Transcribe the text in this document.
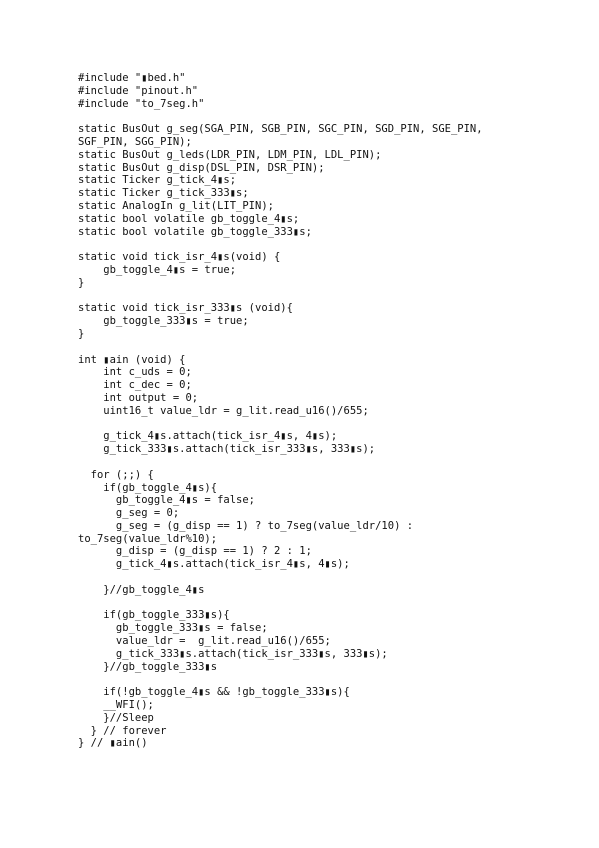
#include "▮bed.h"
#include "pinout.h"
#include "to_7seg.h"
static BusOut g_seg(SGA_PIN, SGB_PIN, SGC_PIN, SGD_PIN, SGE_PIN,
SGF_PIN, SGG_PIN);
static BusOut g_leds(LDR_PIN, LDM_PIN, LDL_PIN);
static BusOut g_disp(DSL_PIN, DSR_PIN);
static Ticker g_tick_4▮s;
static Ticker g_tick_333▮s;
static AnalogIn g_lit(LIT_PIN);
static bool volatile gb_toggle_4▮s;
static bool volatile gb_toggle_333▮s;
static void tick_isr_4▮s(void) {
gb_toggle_4▮s = true;
}
static void tick_isr_333▮s (void){
gb_toggle_333▮s = true;
}
int ▮ain (void) {
int c_uds = 0;
int c_dec = 0;
int output = 0;
uint16_t value_ldr = g_lit.read_u16()/655;
g_tick_4▮s.attach(tick_isr_4▮s, 4▮s);
g_tick_333▮s.attach(tick_isr_333▮s, 333▮s);
for (;;) {
if(gb_toggle_4▮s){
gb_toggle_4▮s = false;
g_seg = 0;
g_seg = (g_disp == 1) ? to_7seg(value_ldr/10) :
to_7seg(value_ldr%10);
g_disp = (g_disp == 1) ? 2 : 1;
g_tick_4▮s.attach(tick_isr_4▮s, 4▮s);
}//gb_toggle_4▮s
if(gb_toggle_333▮s){
gb_toggle_333▮s = false;
value_ldr =  g_lit.read_u16()/655;
g_tick_333▮s.attach(tick_isr_333▮s, 333▮s);
}//gb_toggle_333▮s
if(!gb_toggle_4▮s && !gb_toggle_333▮s){
__WFI();
}//Sleep
} // forever
} // ▮ain()
